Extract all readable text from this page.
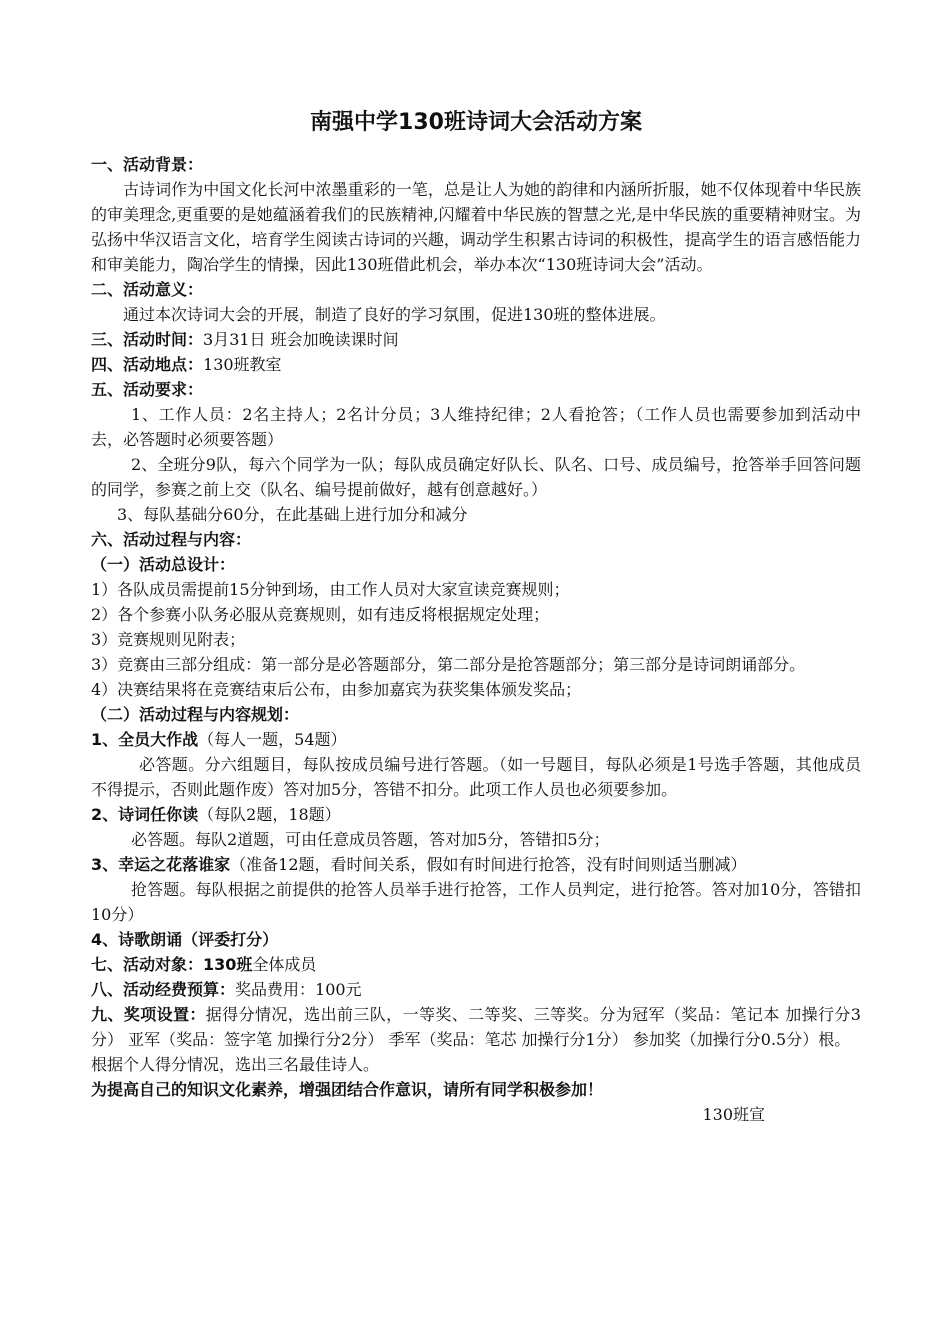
南强中学130班诗词大会活动方案

一、活动背景：

古诗词作为中国文化长河中浓墨重彩的一笔，总是让人为她的韵律和内涵所折服，她不仅体现着中华民族的审美理念,更重要的是她蕴涵着我们的民族精神,闪耀着中华民族的智慧之光,是中华民族的重要精神财宝。为弘扬中华汉语言文化，培育学生阅读古诗词的兴趣，调动学生积累古诗词的积极性，提高学生的语言感悟能力和审美能力，陶冶学生的情操，因此130班借此机会，举办本次“130班诗词大会”活动。

二、活动意义：

通过本次诗词大会的开展，制造了良好的学习氛围，促进130班的整体进展。

三、活动时间：3月31日 班会加晚读课时间

四、活动地点：130班教室

五、活动要求：

1、工作人员：2名主持人；2名计分员；3人维持纪律；2人看抢答；（工作人员也需要参加到活动中去，必答题时必须要答题）

2、全班分9队，每六个同学为一队；每队成员确定好队长、队名、口号、成员编号，抢答举手回答问题的同学，参赛之前上交（队名、编号提前做好，越有创意越好。）

3、每队基础分60分，在此基础上进行加分和减分

六、活动过程与内容：

（一）活动总设计：

1）各队成员需提前15分钟到场，由工作人员对大家宣读竞赛规则；

2）各个参赛小队务必服从竞赛规则，如有违反将根据规定处理；

3）竞赛规则见附表；

3）竞赛由三部分组成：第一部分是必答题部分，第二部分是抢答题部分；第三部分是诗词朗诵部分。

4）决赛结果将在竞赛结束后公布，由参加嘉宾为获奖集体颁发奖品；

（二）活动过程与内容规划：

1、全员大作战（每人一题，54题）

必答题。分六组题目，每队按成员编号进行答题。（如一号题目，每队必须是1号选手答题，其他成员不得提示，否则此题作废）答对加5分，答错不扣分。此项工作人员也必须要参加。

2、诗词任你读（每队2题，18题）

必答题。每队2道题，可由任意成员答题，答对加5分，答错扣5分；

3、幸运之花落谁家（准备12题，看时间关系，假如有时间进行抢答，没有时间则适当删减）

抢答题。每队根据之前提供的抢答人员举手进行抢答，工作人员判定，进行抢答。答对加10分，答错扣10分）

4、诗歌朗诵（评委打分）

七、活动对象：130班全体成员

八、活动经费预算：奖品费用：100元

九、奖项设置：据得分情况，选出前三队，一等奖、二等奖、三等奖。分为冠军（奖品：笔记本 加操行分3分） 亚军（奖品：签字笔 加操行分2分） 季军（奖品：笔芯 加操行分1分） 参加奖（加操行分0.5分）根。

根据个人得分情况，选出三名最佳诗人。

为提高自己的知识文化素养，增强团结合作意识，请所有同学积极参加！

130班宣
